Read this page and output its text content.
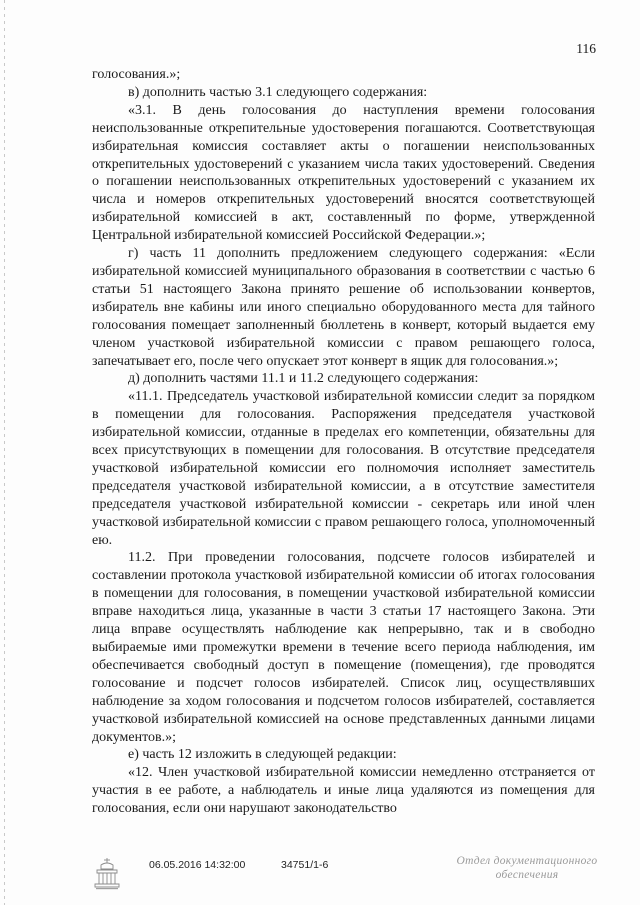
116

голосования.»;

в) дополнить частью 3.1 следующего содержания:

«3.1. В день голосования до наступления времени голосования неиспользованные открепительные удостоверения погашаются. Соответствующая избирательная комиссия составляет акты о погашении неиспользованных открепительных удостоверений с указанием числа таких удостоверений. Сведения о погашении неиспользованных открепительных удостоверений с указанием их числа и номеров открепительных удостоверений вносятся соответствующей избирательной комиссией в акт, составленный по форме, утвержденной Центральной избирательной комиссией Российской Федерации.»;

г) часть 11 дополнить предложением следующего содержания: «Если избирательной комиссией муниципального образования в соответствии с частью 6 статьи 51 настоящего Закона принято решение об использовании конвертов, избиратель вне кабины или иного специально оборудованного места для тайного голосования помещает заполненный бюллетень в конверт, который выдается ему членом участковой избирательной комиссии с правом решающего голоса, запечатывает его, после чего опускает этот конверт в ящик для голосования.»;

д) дополнить частями 11.1 и 11.2 следующего содержания:

«11.1. Председатель участковой избирательной комиссии следит за порядком в помещении для голосования. Распоряжения председателя участковой избирательной комиссии, отданные в пределах его компетенции, обязательны для всех присутствующих в помещении для голосования. В отсутствие председателя участковой избирательной комиссии его полномочия исполняет заместитель председателя участковой избирательной комиссии, а в отсутствие заместителя председателя участковой избирательной комиссии - секретарь или иной член участковой избирательной комиссии с правом решающего голоса, уполномоченный ею.

11.2. При проведении голосования, подсчете голосов избирателей и составлении протокола участковой избирательной комиссии об итогах голосования в помещении для голосования, в помещении участковой избирательной комиссии вправе находиться лица, указанные в части 3 статьи 17 настоящего Закона. Эти лица вправе осуществлять наблюдение как непрерывно, так и в свободно выбираемые ими промежутки времени в течение всего периода наблюдения, им обеспечивается свободный доступ в помещение (помещения), где проводятся голосование и подсчет голосов избирателей. Список лиц, осуществлявших наблюдение за ходом голосования и подсчетом голосов избирателей, составляется участковой избирательной комиссией на основе представленных данными лицами документов.»;

е) часть 12 изложить в следующей редакции:

«12. Член участковой избирательной комиссии немедленно отстраняется от участия в ее работе, а наблюдатель и иные лица удаляются из помещения для голосования, если они нарушают законодательство

06.05.2016 14:32:00	34751/1-6	Отдел документационного
обеспечения
